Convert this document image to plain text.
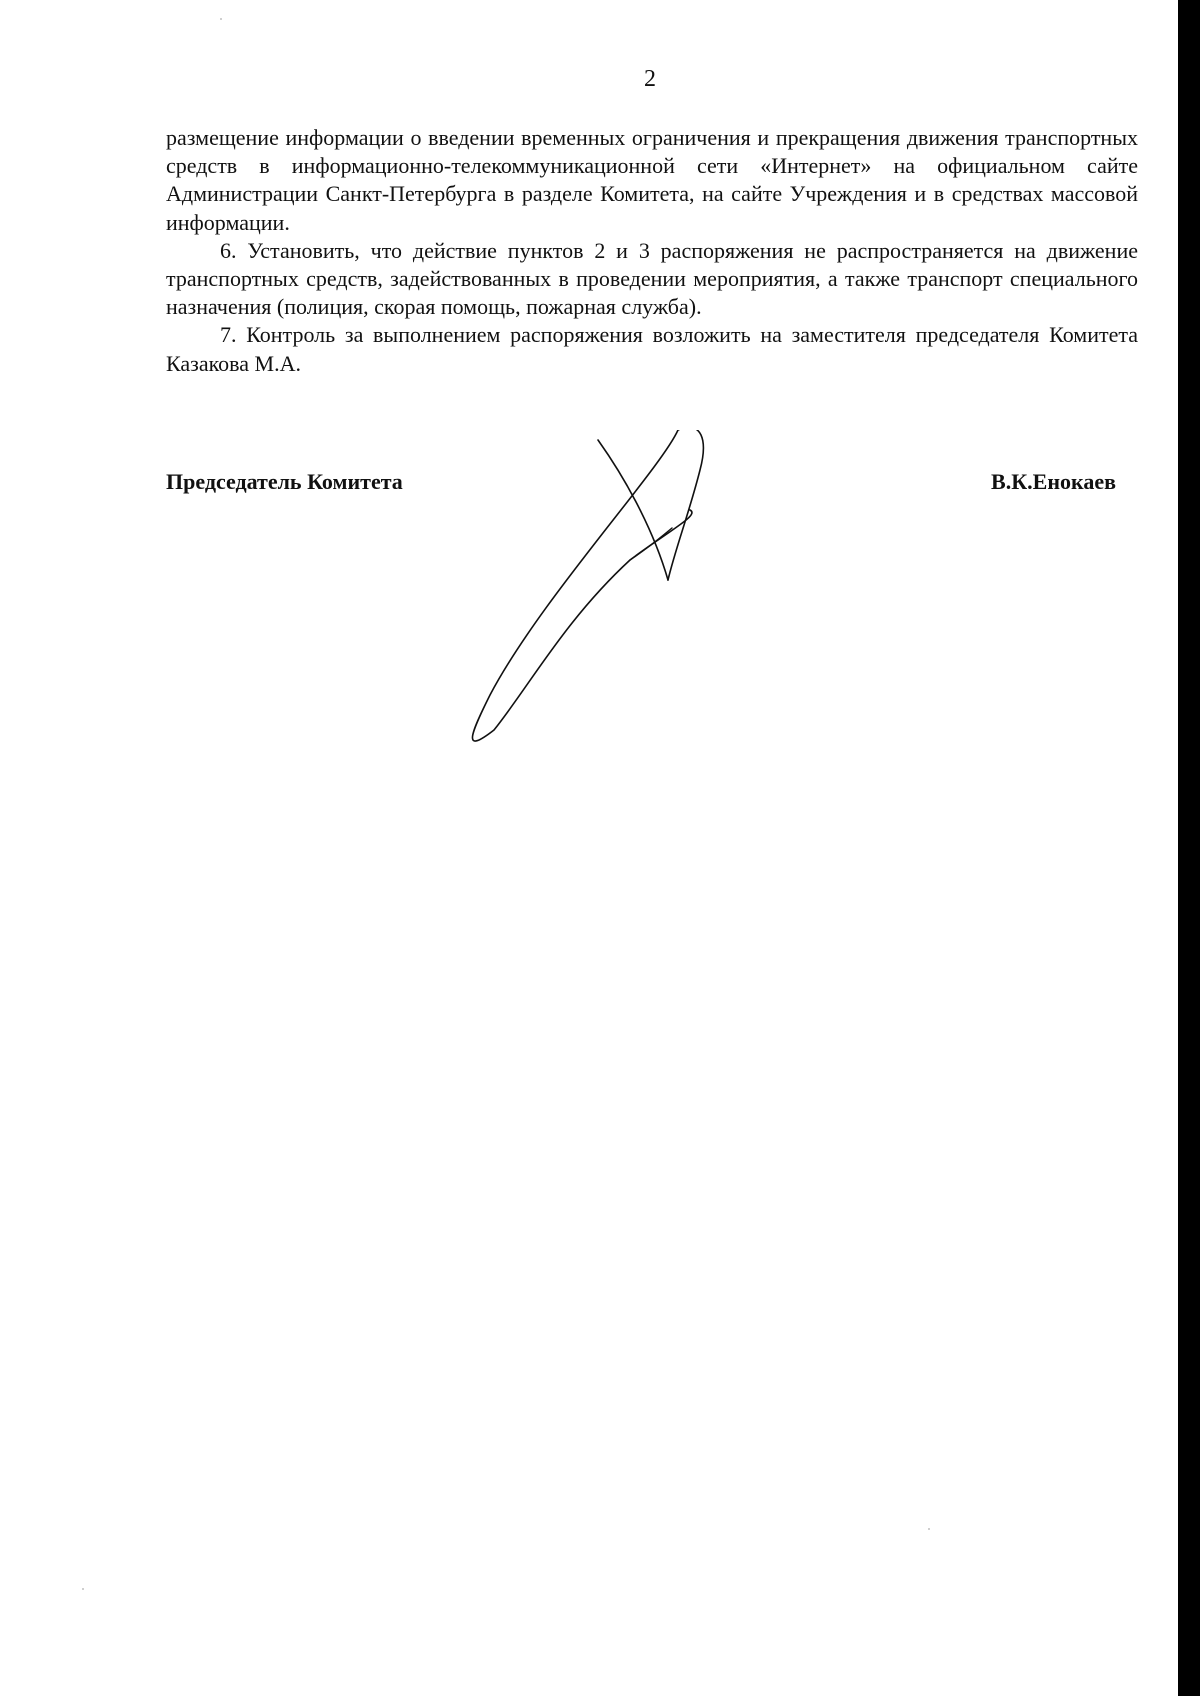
2

размещение информации о введении временных ограничения и прекращения движения транспортных средств в информационно-телекоммуникационной сети «Интернет» на официальном сайте Администрации Санкт-Петербурга в разделе Комитета, на сайте Учреждения и в средствах массовой информации.

6. Установить, что действие пунктов 2 и 3 распоряжения не распространяется на движение транспортных средств, задействованных в проведении мероприятия, а также транспорт специального назначения (полиция, скорая помощь, пожарная служба).

7. Контроль за выполнением распоряжения возложить на заместителя председателя Комитета Казакова М.А.

Председатель Комитета	В.К.Енокаев
